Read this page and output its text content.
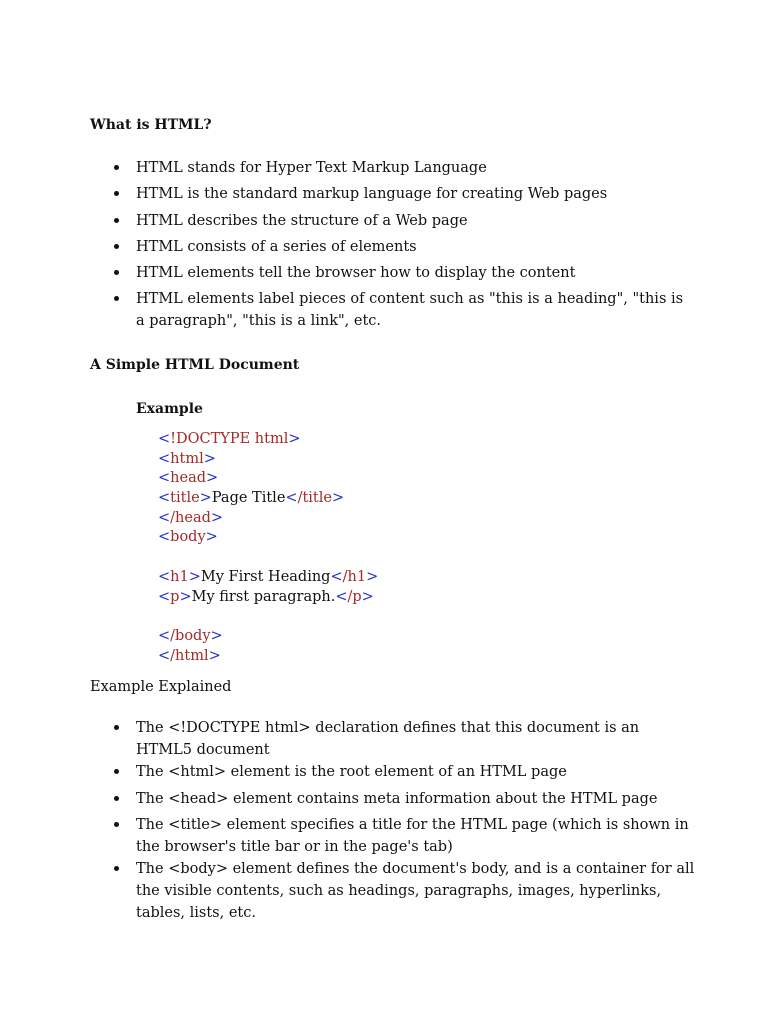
What is HTML?
HTML stands for Hyper Text Markup Language
HTML is the standard markup language for creating Web pages
HTML describes the structure of a Web page
HTML consists of a series of elements
HTML elements tell the browser how to display the content
HTML elements label pieces of content such as "this is a heading", "this is a paragraph", "this is a link", etc.
A Simple HTML Document
Example
<!DOCTYPE html>
<html>
<head>
<title>Page Title</title>
</head>
<body>

<h1>My First Heading</h1>
<p>My first paragraph.</p>

</body>
</html>

Example Explained

The <!DOCTYPE html> declaration defines that this document is an HTML5 document
The <html> element is the root element of an HTML page
The <head> element contains meta information about the HTML page
The <title> element specifies a title for the HTML page (which is shown in the browser's title bar or in the page's tab)
The <body> element defines the document's body, and is a container for all the visible contents, such as headings, paragraphs, images, hyperlinks, tables, lists, etc.
